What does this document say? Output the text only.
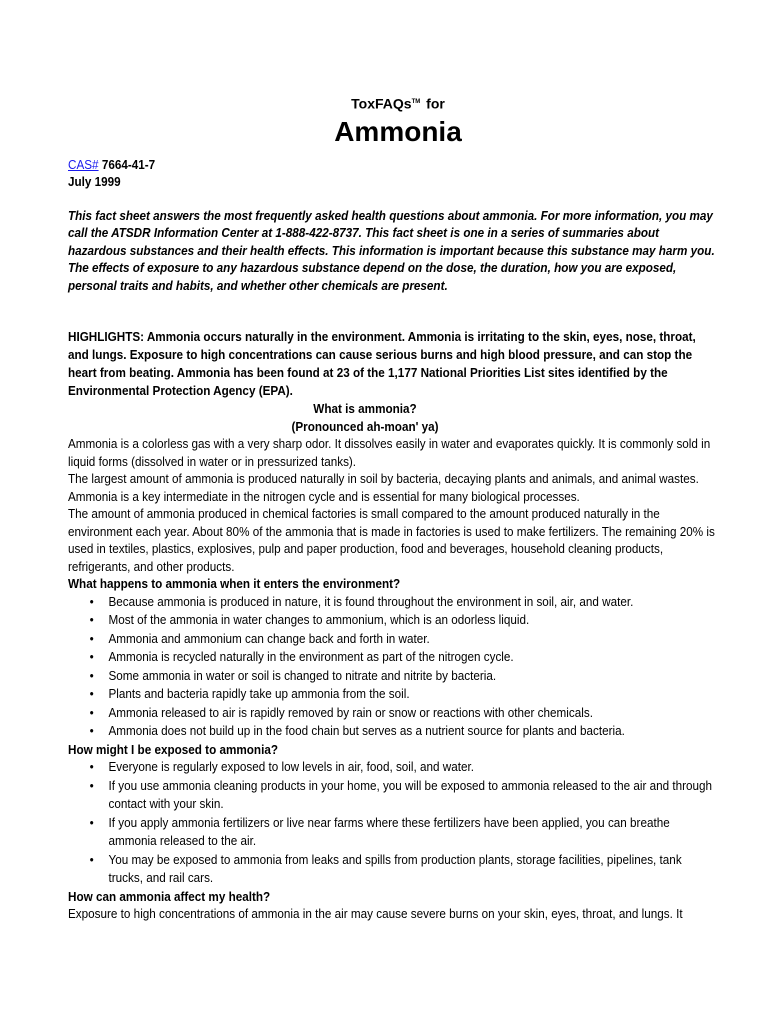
ToxFAQs™ for
Ammonia
CAS# 7664-41-7
July 1999

This fact sheet answers the most frequently asked health questions about ammonia. For more information, you may call the ATSDR Information Center at 1-888-422-8737. This fact sheet is one in a series of summaries about hazardous substances and their health effects. This information is important because this substance may harm you. The effects of exposure to any hazardous substance depend on the dose, the duration, how you are exposed, personal traits and habits, and whether other chemicals are present.

HIGHLIGHTS: Ammonia occurs naturally in the environment. Ammonia is irritating to the skin, eyes, nose, throat, and lungs. Exposure to high concentrations can cause serious burns and high blood pressure, and can stop the heart from beating. Ammonia has been found at 23 of the 1,177 National Priorities List sites identified by the Environmental Protection Agency (EPA).

What is ammonia?
(Pronounced ah-moan' ya)

Ammonia is a colorless gas with a very sharp odor. It dissolves easily in water and evaporates quickly. It is commonly sold in liquid forms (dissolved in water or in pressurized tanks).

The largest amount of ammonia is produced naturally in soil by bacteria, decaying plants and animals, and animal wastes. Ammonia is a key intermediate in the nitrogen cycle and is essential for many biological processes.

The amount of ammonia produced in chemical factories is small compared to the amount produced naturally in the environment each year. About 80% of the ammonia that is made in factories is used to make fertilizers. The remaining 20% is used in textiles, plastics, explosives, pulp and paper production, food and beverages, household cleaning products, refrigerants, and other products.

What happens to ammonia when it enters the environment?
• Because ammonia is produced in nature, it is found throughout the environment in soil, air, and water.
• Most of the ammonia in water changes to ammonium, which is an odorless liquid.
• Ammonia and ammonium can change back and forth in water.
• Ammonia is recycled naturally in the environment as part of the nitrogen cycle.
• Some ammonia in water or soil is changed to nitrate and nitrite by bacteria.
• Plants and bacteria rapidly take up ammonia from the soil.
• Ammonia released to air is rapidly removed by rain or snow or reactions with other chemicals.
• Ammonia does not build up in the food chain but serves as a nutrient source for plants and bacteria.
How might I be exposed to ammonia?
• Everyone is regularly exposed to low levels in air, food, soil, and water.
• If you use ammonia cleaning products in your home, you will be exposed to ammonia released to the air and through contact with your skin.
• If you apply ammonia fertilizers or live near farms where these fertilizers have been applied, you can breathe ammonia released to the air.
• You may be exposed to ammonia from leaks and spills from production plants, storage facilities, pipelines, tank trucks, and rail cars.
How can ammonia affect my health?

Exposure to high concentrations of ammonia in the air may cause severe burns on your skin, eyes, throat, and lungs. It
